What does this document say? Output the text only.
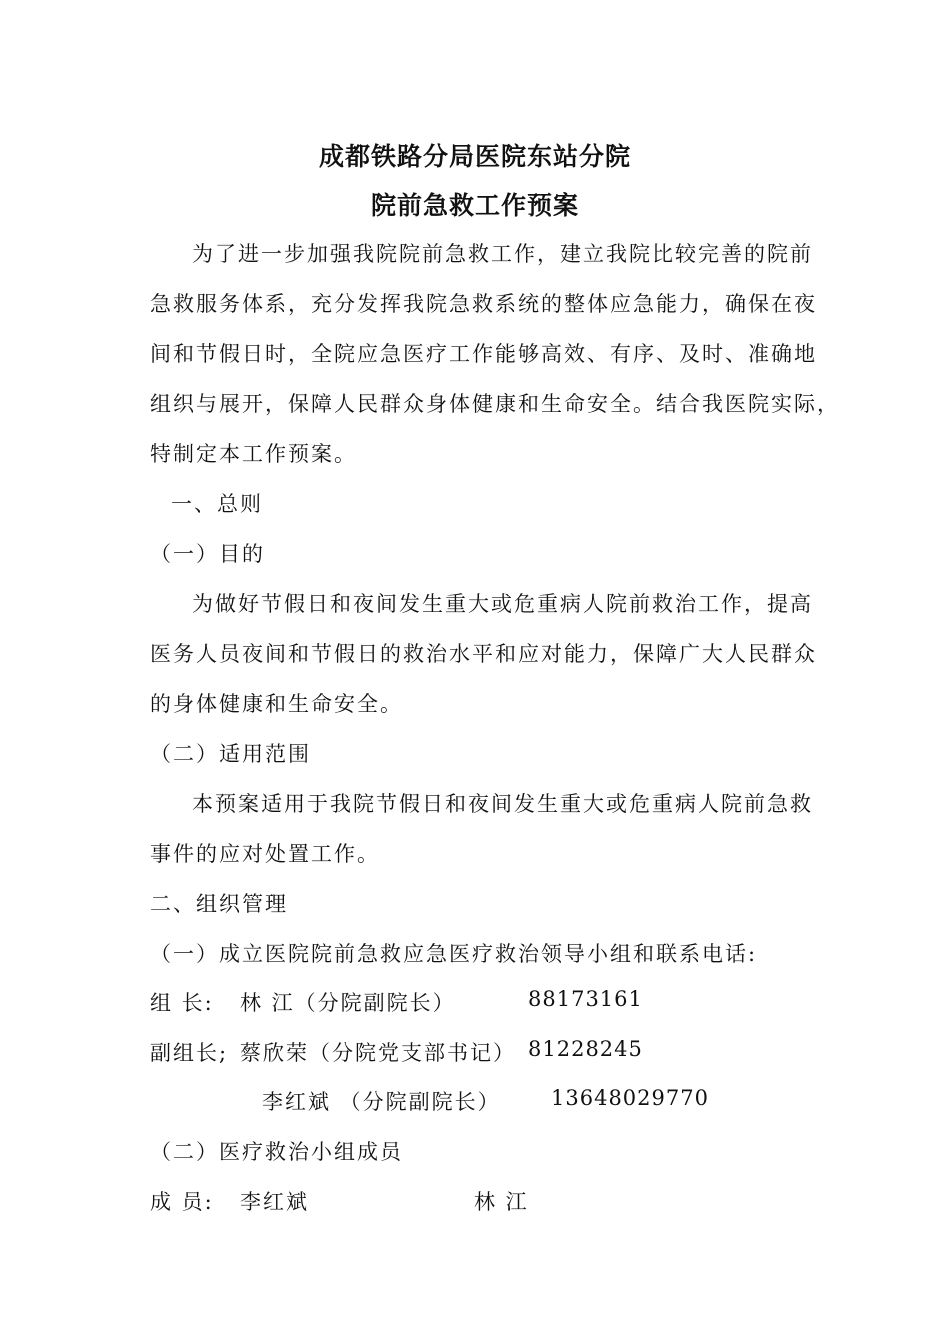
成都铁路分局医院东站分院
院前急救工作预案
为了进一步加强我院院前急救工作，建立我院比较完善的院前
急救服务体系，充分发挥我院急救系统的整体应急能力，确保在夜
间和节假日时，全院应急医疗工作能够高效、有序、及时、准确地
组织与展开，保障人民群众身体健康和生命安全。结合我医院实际，
特制定本工作预案。
一、总则
（一）目的
为做好节假日和夜间发生重大或危重病人院前救治工作，提高
医务人员夜间和节假日的救治水平和应对能力，保障广大人民群众
的身体健康和生命安全。
（二）适用范围
本预案适用于我院节假日和夜间发生重大或危重病人院前急救
事件的应对处置工作。
二、组织管理
（一）成立医院院前急救应急医疗救治领导小组和联系电话:
组 长:	林 江（分院副院长）	88173161
副组长; 蔡欣荣（分院党支部书记） 81228245
李红斌 （分院副院长）	13648029770
（二）医疗救治小组成员
成 员:	李红斌	林 江
